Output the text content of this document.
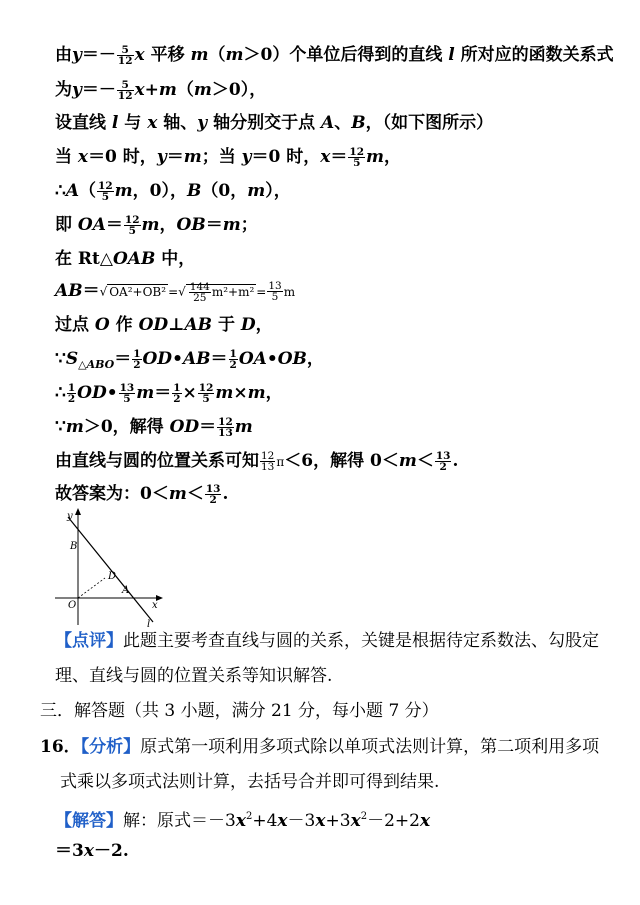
由$y=- \frac{5}{12}$ x 平移 m（m＞0）个单位后得到的直线 l 所对应的函数关系式
为$y=- \frac{5}{12} x+m(m>0)$，
设直线 l 与 x 轴、y 轴分别交于点 A、B，（如下图所示）
当 x＝0 时，y＝m；当 y＝0 时，$x= \frac{12}{5}$ m，
∴A（ $\frac{12}{5}$ m，0），B（0，m），
即 $OA= \frac{12}{5}$ m，OB＝m；
在 Rt△OAB 中，
AB＝√ OA²+OB² =√ $\frac{144}{25} m^2+m^2 = \frac{13}{5}$ m
过点 O 作 OD⊥AB 于 D，
$\because S_{\triangle ABO}= \frac{1}{2}$ OD•AB＝ $\frac{1}{2}$ OA•OB，
∴ $\frac{1}{2}$ OD• $\frac{13}{5} m= \frac{1}{2} \times \frac{12}{5} m\times m$，
∵m＞0，解得 $OD= \frac{12}{13}$ m
由直线与圆的位置关系可知 $\frac{12}{13} \pi<6$，解得 $0<m< \frac{13}{2}$ .
故答案为：$0<m< \frac{13}{2}$ .
y
x
B
D
O
A
l
【点评】此题主要考查直线与圆的关系，关键是根据待定系数法、勾股定
理、直线与圆的位置关系等知识解答.
三．解答题（共 3 小题，满分 21 分，每小题 7 分）
16．【分析】原式第一项利用多项式除以单项式法则计算，第二项利用多项
式乘以多项式法则计算，去括号合并即可得到结果.
【解答】解：原式$=-3x^2+4x-3x+3x^2-2+2x$
＝3x－2.
